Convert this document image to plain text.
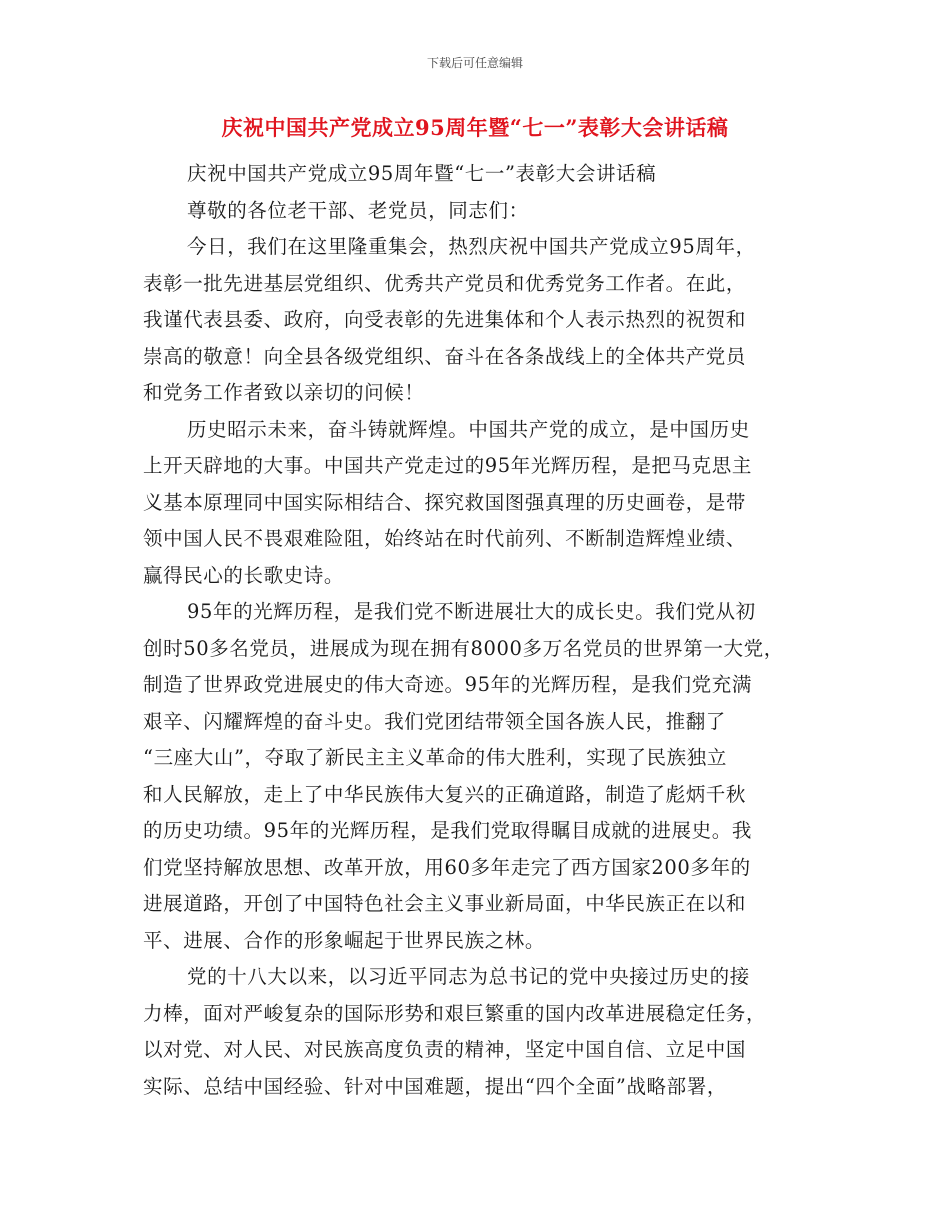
下载后可任意编辑
庆祝中国共产党成立95周年暨“七一”表彰大会讲话稿
庆祝中国共产党成立95周年暨“七一”表彰大会讲话稿
尊敬的各位老干部、老党员，同志们：
今日，我们在这里隆重集会，热烈庆祝中国共产党成立95周年，
表彰一批先进基层党组织、优秀共产党员和优秀党务工作者。在此，
我谨代表县委、政府，向受表彰的先进集体和个人表示热烈的祝贺和
崇高的敬意！向全县各级党组织、奋斗在各条战线上的全体共产党员
和党务工作者致以亲切的问候！
历史昭示未来，奋斗铸就辉煌。中国共产党的成立，是中国历史
上开天辟地的大事。中国共产党走过的95年光辉历程，是把马克思主
义基本原理同中国实际相结合、探究救国图强真理的历史画卷，是带
领中国人民不畏艰难险阻，始终站在时代前列、不断制造辉煌业绩、
赢得民心的长歌史诗。
95年的光辉历程，是我们党不断进展壮大的成长史。我们党从初
创时50多名党员，进展成为现在拥有8000多万名党员的世界第一大党，
制造了世界政党进展史的伟大奇迹。95年的光辉历程，是我们党充满
艰辛、闪耀辉煌的奋斗史。我们党团结带领全国各族人民，推翻了
“三座大山”，夺取了新民主主义革命的伟大胜利，实现了民族独立
和人民解放，走上了中华民族伟大复兴的正确道路，制造了彪炳千秋
的历史功绩。95年的光辉历程，是我们党取得瞩目成就的进展史。我
们党坚持解放思想、改革开放，用60多年走完了西方国家200多年的
进展道路，开创了中国特色社会主义事业新局面，中华民族正在以和
平、进展、合作的形象崛起于世界民族之林。
党的十八大以来，以习近平同志为总书记的党中央接过历史的接
力棒，面对严峻复杂的国际形势和艰巨繁重的国内改革进展稳定任务，
以对党、对人民、对民族高度负责的精神，坚定中国自信、立足中国
实际、总结中国经验、针对中国难题，提出“四个全面”战略部署，
